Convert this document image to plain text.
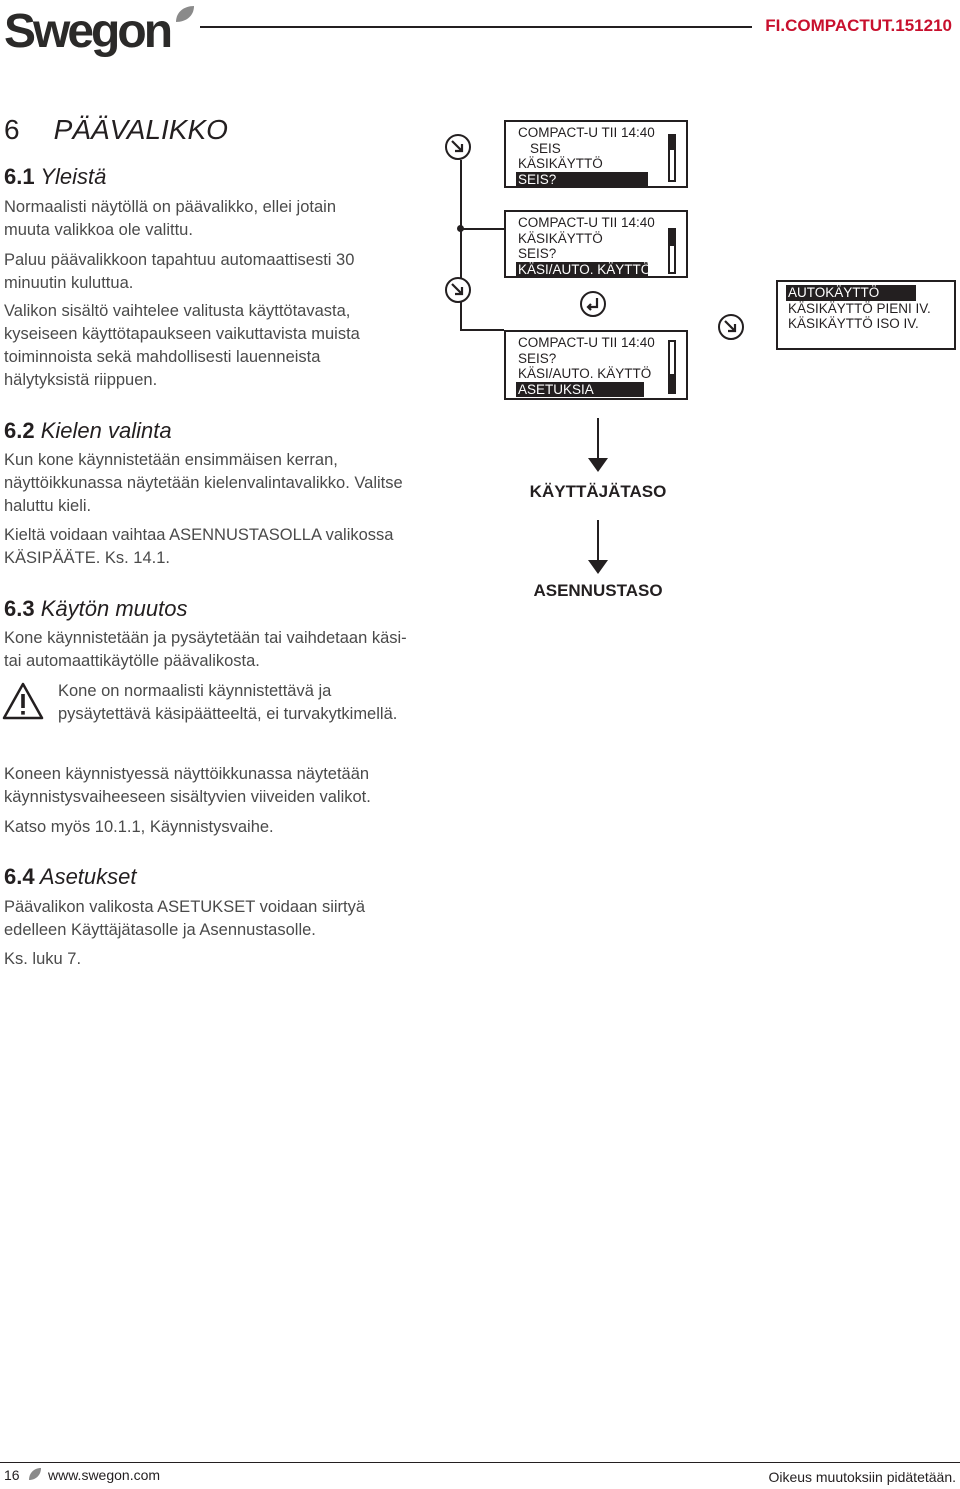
Swegon	FI.COMPACTUT.151210
6 PÄÄVALIKKO
6.1 Yleistä
Normaalisti näytöllä on päävalikko, ellei jotain muuta valikkoa ole valittu.
Paluu päävalikkoon tapahtuu automaattisesti 30 minuutin kuluttua.
Valikon sisältö vaihtelee valitusta käyttötavasta, kyseiseen käyttötapaukseen vaikuttavista muista toiminnoista sekä mahdollisesti lauenneista hälytyksistä riippuen.
6.2 Kielen valinta
Kun kone käynnistetään ensimmäisen kerran, näyttöikkunassa näytetään kielenvalintavalikko. Valitse haluttu kieli.
Kieltä voidaan vaihtaa ASENNUSTASOLLA valikossa KÄSIPÄÄTE. Ks. 14.1.
6.3 Käytön muutos
Kone käynnistetään ja pysäytetään tai vaihdetaan käsi- tai automaattikäytölle päävalikosta.
Kone on normaalisti käynnistettävä ja pysäytettävä käsipäätteeltä, ei turvakytkimellä.
Koneen käynnistyessä näyttöikkunassa näytetään käynnistysvaiheeseen sisältyvien viiveiden valikot.
Katso myös 10.1.1, Käynnistysvaihe.
6.4 Asetukset
Päävalikon valikosta ASETUKSET voidaan siirtyä edelleen Käyttäjätasolle ja Asennustasolle.
Ks. luku 7.
COMPACT-U TII 14:40
SEIS
KÄSIKÄYTTÖ
SEIS?
COMPACT-U TII 14:40
KÄSIKÄYTTÖ
SEIS?
KÄSI/AUTO. KÄYTTÖ
COMPACT-U TII 14:40
SEIS?
KÄSI/AUTO. KÄYTTÖ
ASETUKSIA
AUTOKÄYTTÖ
KÄSIKÄYTTÖ PIENI IV.
KÄSIKÄYTTÖ ISO IV.
KÄYTTÄJÄTASO
ASENNUSTASO
16 www.swegon.com	Oikeus muutoksiin pidätetään.
